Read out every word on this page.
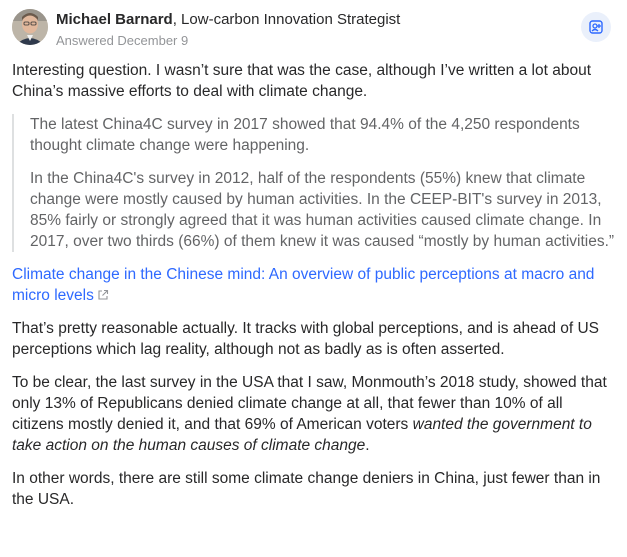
Michael Barnard, Low-carbon Innovation Strategist
Answered December 9

Interesting question. I wasn’t sure that was the case, although I’ve written a lot about China’s massive efforts to deal with climate change.

The latest China4C survey in 2017 showed that 94.4% of the 4,250 respondents thought climate change were happening.

In the China4C's survey in 2012, half of the respondents (55%) knew that climate change were mostly caused by human activities. In the CEEP-BIT's survey in 2013, 85% fairly or strongly agreed that it was human activities caused climate change. In 2017, over two thirds (66%) of them knew it was caused “mostly by human activities.”

Climate change in the Chinese mind: An overview of public perceptions at macro and micro levels

That’s pretty reasonable actually. It tracks with global perceptions, and is ahead of US perceptions which lag reality, although not as badly as is often asserted.

To be clear, the last survey in the USA that I saw, Monmouth’s 2018 study, showed that only 13% of Republicans denied climate change at all, that fewer than 10% of all citizens mostly denied it, and that 69% of American voters wanted the government to take action on the human causes of climate change.

In other words, there are still some climate change deniers in China, just fewer than in the USA.
